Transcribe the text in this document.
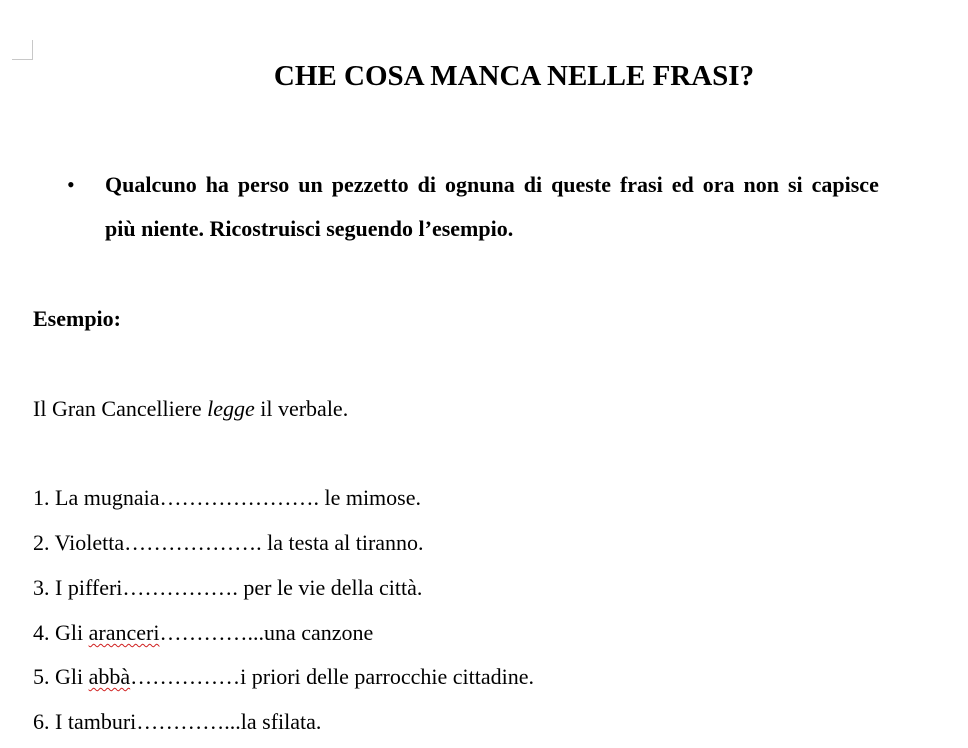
CHE COSA MANCA NELLE FRASI?
• Qualcuno ha perso un pezzetto di ognuna di queste frasi ed ora non si capisce
più niente. Ricostruisci seguendo l’esempio.
Esempio:
Il Gran Cancelliere legge il verbale.
1. La mugnaia…………………. le mimose.
2. Violetta………………. la testa al tiranno.
3. I pifferi……………. per le vie della città.
4. Gli aranceri…………...una canzone
5. Gli abbà……………i priori delle parrocchie cittadine.
6. I tamburi…………...la sfilata.
